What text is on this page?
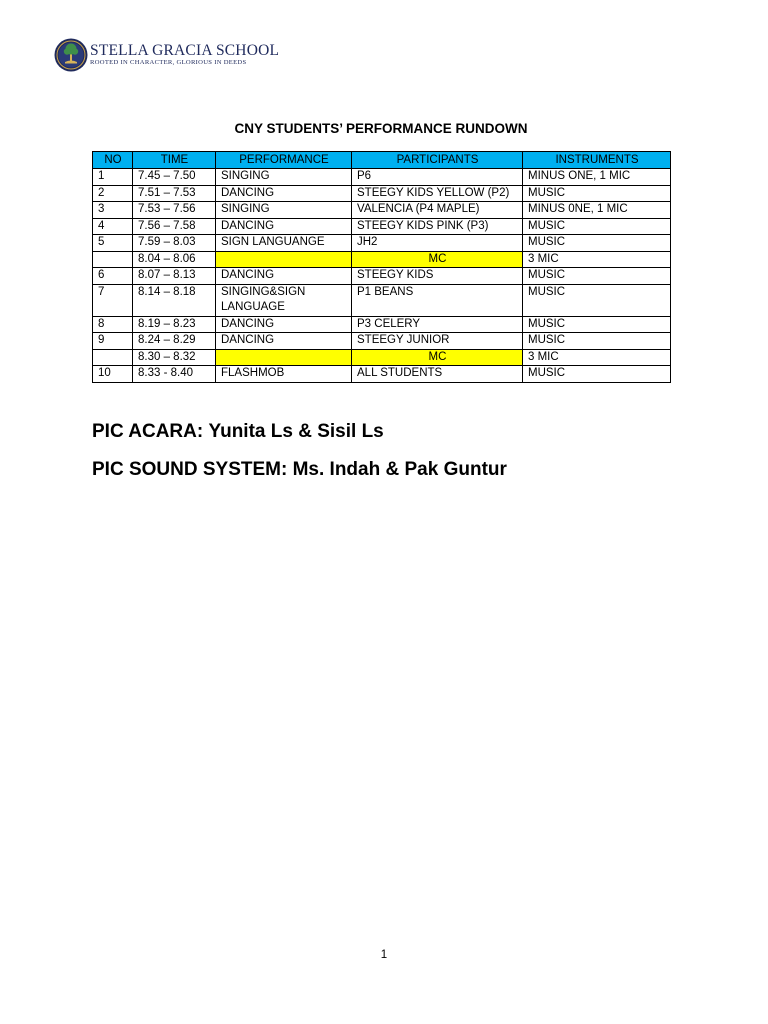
STELLA GRACIA SCHOOL
ROOTED IN CHARACTER, GLORIOUS IN DEEDS
CNY STUDENTS’ PERFORMANCE RUNDOWN
NO	TIME	PERFORMANCE	PARTICIPANTS	INSTRUMENTS
1	7.45 – 7.50	SINGING	P6	MINUS ONE, 1 MIC
2	7.51 – 7.53	DANCING	STEEGY KIDS YELLOW (P2)	MUSIC
3	7.53 – 7.56	SINGING	VALENCIA (P4 MAPLE)	MINUS 0NE, 1 MIC
4	7.56 – 7.58	DANCING	STEEGY KIDS PINK (P3)	MUSIC
5	7.59 – 8.03	SIGN LANGUANGE	JH2	MUSIC
	8.04 – 8.06		MC	3 MIC
6	8.07 – 8.13	DANCING	STEEGY KIDS	MUSIC
7	8.14 – 8.18	SINGING&SIGN LANGUAGE	P1 BEANS	MUSIC
8	8.19 – 8.23	DANCING	P3 CELERY	MUSIC
9	8.24 – 8.29	DANCING	STEEGY JUNIOR	MUSIC
	8.30 – 8.32		MC	3 MIC
10	8.33 - 8.40	FLASHMOB	ALL STUDENTS	MUSIC
PIC ACARA: Yunita Ls & Sisil Ls
PIC SOUND SYSTEM: Ms. Indah & Pak Guntur
1
